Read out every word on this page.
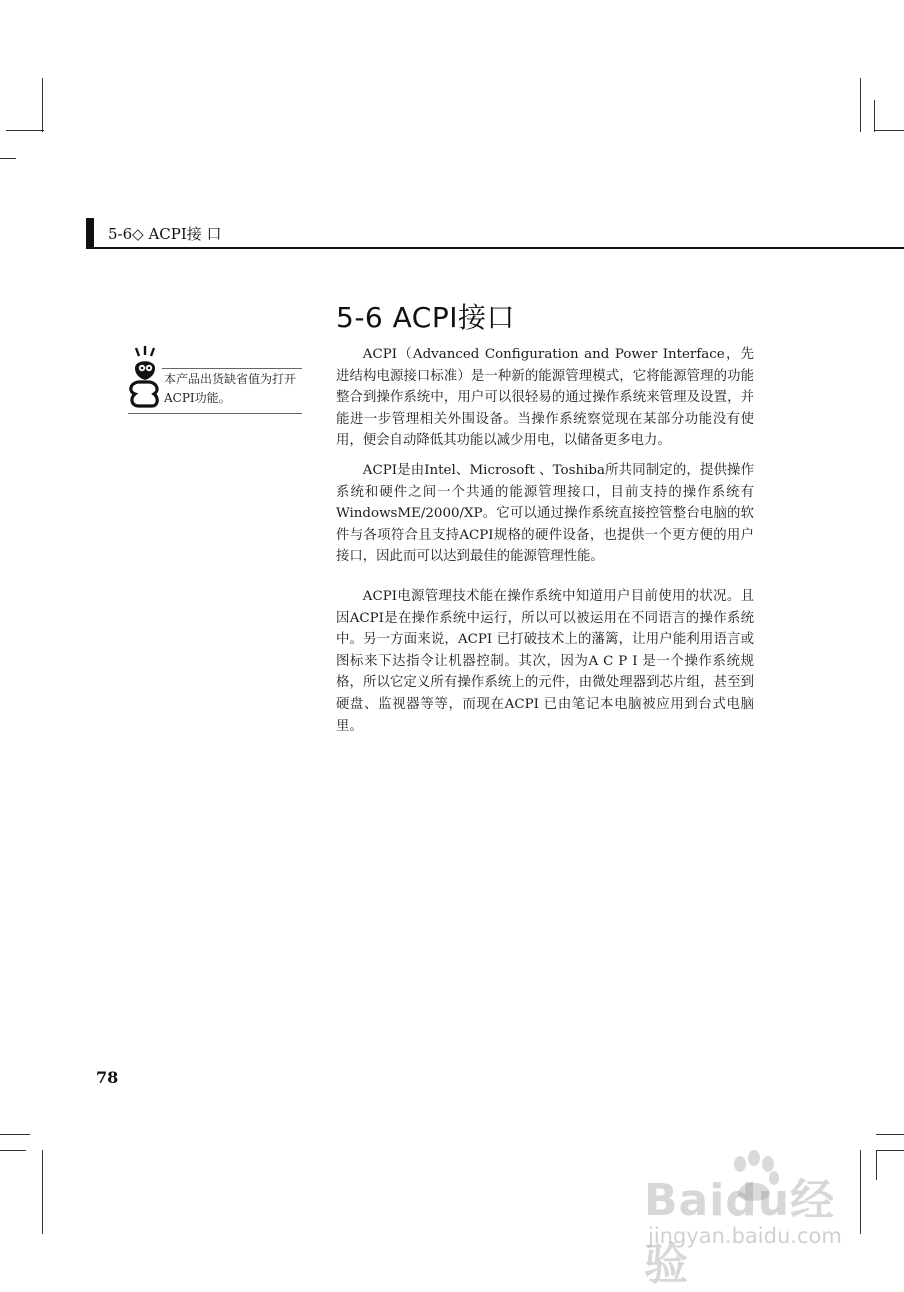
5-6◇ ACPI接 口
5-6 ACPI接口
本产品出货缺省值为打开ACPI功能。

ACPI（Advanced Configuration and Power Interface，先进结构电源接口标准）是一种新的能源管理模式，它将能源管理的功能整合到操作系统中，用户可以很轻易的通过操作系统来管理及设置，并能进一步管理相关外围设备。当操作系统察觉现在某部分功能没有使用，便会自动降低其功能以减少用电，以储备更多电力。

ACPI是由Intel、Microsoft 、Toshiba所共同制定的，提供操作系统和硬件之间一个共通的能源管理接口，目前支持的操作系统有WindowsME/2000/XP。它可以通过操作系统直接控管整台电脑的软件与各项符合且支持ACPI规格的硬件设备，也提供一个更方便的用户接口，因此而可以达到最佳的能源管理性能。

ACPI电源管理技术能在操作系统中知道用户目前使用的状况。且因ACPI是在操作系统中运行，所以可以被运用在不同语言的操作系统中。另一方面来说，ACPI 已打破技术上的藩篱，让用户能利用语言或图标来下达指令让机器控制。其次，因为A C P I 是一个操作系统规格，所以它定义所有操作系统上的元件，由微处理器到芯片组，甚至到硬盘、监视器等等，而现在ACPI 已由笔记本电脑被应用到台式电脑里。

78
Baidu经验
jingyan.baidu.com
